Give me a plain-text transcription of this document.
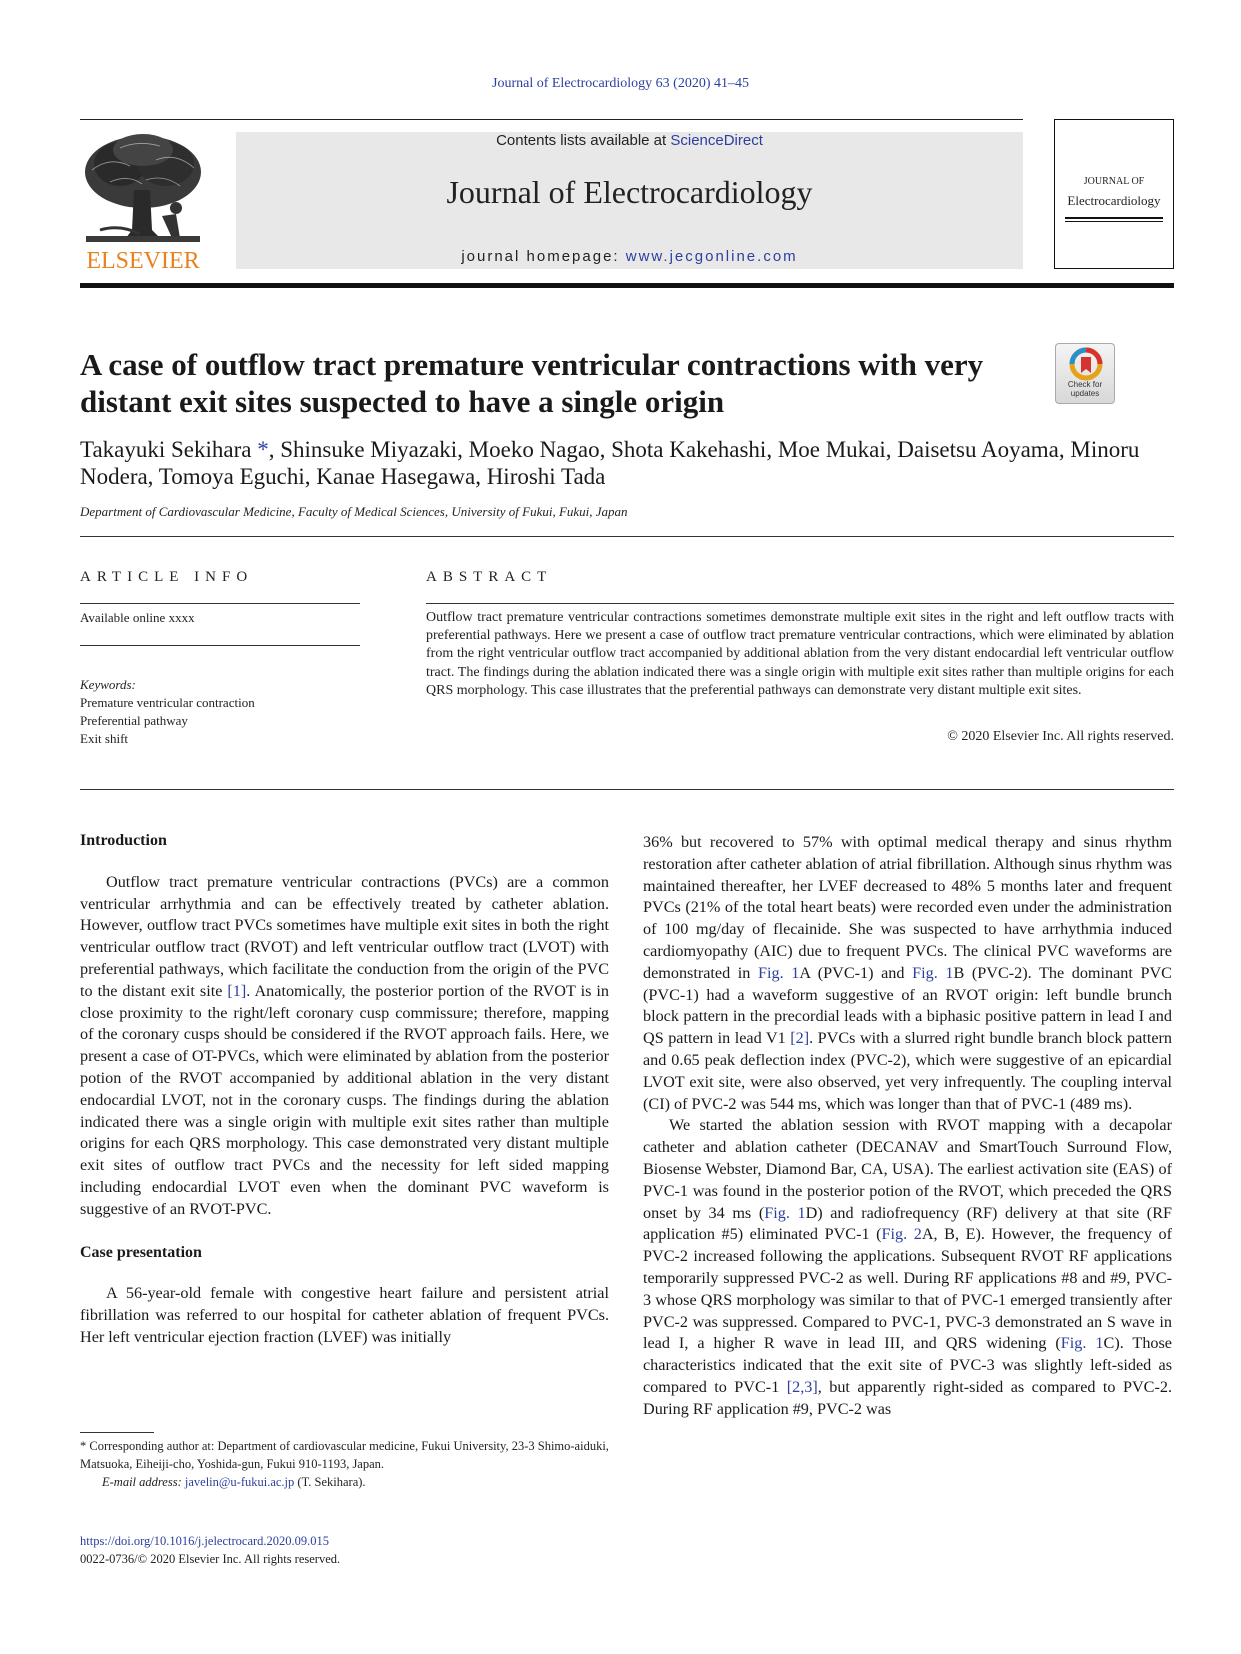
Journal of Electrocardiology 63 (2020) 41–45
ELSEVIER
Contents lists available at ScienceDirect
Journal of Electrocardiology
journal homepage: www.jecgonline.com
JOURNAL OF
Electrocardiology
A case of outflow tract premature ventricular contractions with very distant exit sites suspected to have a single origin	Check for
updates
Takayuki Sekihara *, Shinsuke Miyazaki, Moeko Nagao, Shota Kakehashi, Moe Mukai, Daisetsu Aoyama, Minoru Nodera, Tomoya Eguchi, Kanae Hasegawa, Hiroshi Tada
Department of Cardiovascular Medicine, Faculty of Medical Sciences, University of Fukui, Fukui, Japan
ARTICLE INFO	ABSTRACT
Available online xxxx
Keywords:
Premature ventricular contraction
Preferential pathway
Exit shift
Outflow tract premature ventricular contractions sometimes demonstrate multiple exit sites in the right and left outflow tracts with preferential pathways. Here we present a case of outflow tract premature ventricular contractions, which were eliminated by ablation from the right ventricular outflow tract accompanied by additional ablation from the very distant endocardial left ventricular outflow tract. The findings during the ablation indicated there was a single origin with multiple exit sites rather than multiple origins for each QRS morphology. This case illustrates that the preferential pathways can demonstrate very distant multiple exit sites.
© 2020 Elsevier Inc. All rights reserved.
Introduction

Outflow tract premature ventricular contractions (PVCs) are a common ventricular arrhythmia and can be effectively treated by catheter ablation. However, outflow tract PVCs sometimes have multiple exit sites in both the right ventricular outflow tract (RVOT) and left ventricular outflow tract (LVOT) with preferential pathways, which facilitate the conduction from the origin of the PVC to the distant exit site [1]. Anatomically, the posterior portion of the RVOT is in close proximity to the right/left coronary cusp commissure; therefore, mapping of the coronary cusps should be considered if the RVOT approach fails. Here, we present a case of OT-PVCs, which were eliminated by ablation from the posterior potion of the RVOT accompanied by additional ablation in the very distant endocardial LVOT, not in the coronary cusps. The findings during the ablation indicated there was a single origin with multiple exit sites rather than multiple origins for each QRS morphology. This case demonstrated very distant multiple exit sites of outflow tract PVCs and the necessity for left sided mapping including endocardial LVOT even when the dominant PVC waveform is suggestive of an RVOT-PVC.

Case presentation

A 56-year-old female with congestive heart failure and persistent atrial fibrillation was referred to our hospital for catheter ablation of frequent PVCs. Her left ventricular ejection fraction (LVEF) was initially

36% but recovered to 57% with optimal medical therapy and sinus rhythm restoration after catheter ablation of atrial fibrillation. Although sinus rhythm was maintained thereafter, her LVEF decreased to 48% 5 months later and frequent PVCs (21% of the total heart beats) were recorded even under the administration of 100 mg/day of flecainide. She was suspected to have arrhythmia induced cardiomyopathy (AIC) due to frequent PVCs. The clinical PVC waveforms are demonstrated in Fig. 1A (PVC-1) and Fig. 1B (PVC-2). The dominant PVC (PVC-1) had a waveform suggestive of an RVOT origin: left bundle brunch block pattern in the precordial leads with a biphasic positive pattern in lead I and QS pattern in lead V1 [2]. PVCs with a slurred right bundle branch block pattern and 0.65 peak deflection index (PVC-2), which were suggestive of an epicardial LVOT exit site, were also observed, yet very infrequently. The coupling interval (CI) of PVC-2 was 544 ms, which was longer than that of PVC-1 (489 ms).

We started the ablation session with RVOT mapping with a decapolar catheter and ablation catheter (DECANAV and SmartTouch Surround Flow, Biosense Webster, Diamond Bar, CA, USA). The earliest activation site (EAS) of PVC-1 was found in the posterior potion of the RVOT, which preceded the QRS onset by 34 ms (Fig. 1D) and radiofrequency (RF) delivery at that site (RF application #5) eliminated PVC-1 (Fig. 2A, B, E). However, the frequency of PVC-2 increased following the applications. Subsequent RVOT RF applications temporarily suppressed PVC-2 as well. During RF applications #8 and #9, PVC-3 whose QRS morphology was similar to that of PVC-1 emerged transiently after PVC-2 was suppressed. Compared to PVC-1, PVC-3 demonstrated an S wave in lead I, a higher R wave in lead III, and QRS widening (Fig. 1C). Those characteristics indicated that the exit site of PVC-3 was slightly left-sided as compared to PVC-1 [2,3], but apparently right-sided as compared to PVC-2. During RF application #9, PVC-2 was

* Corresponding author at: Department of cardiovascular medicine, Fukui University, 23-3 Shimo-aiduki, Matsuoka, Eiheiji-cho, Yoshida-gun, Fukui 910-1193, Japan.
E-mail address: javelin@u-fukui.ac.jp (T. Sekihara).
https://doi.org/10.1016/j.jelectrocard.2020.09.015
0022-0736/© 2020 Elsevier Inc. All rights reserved.
